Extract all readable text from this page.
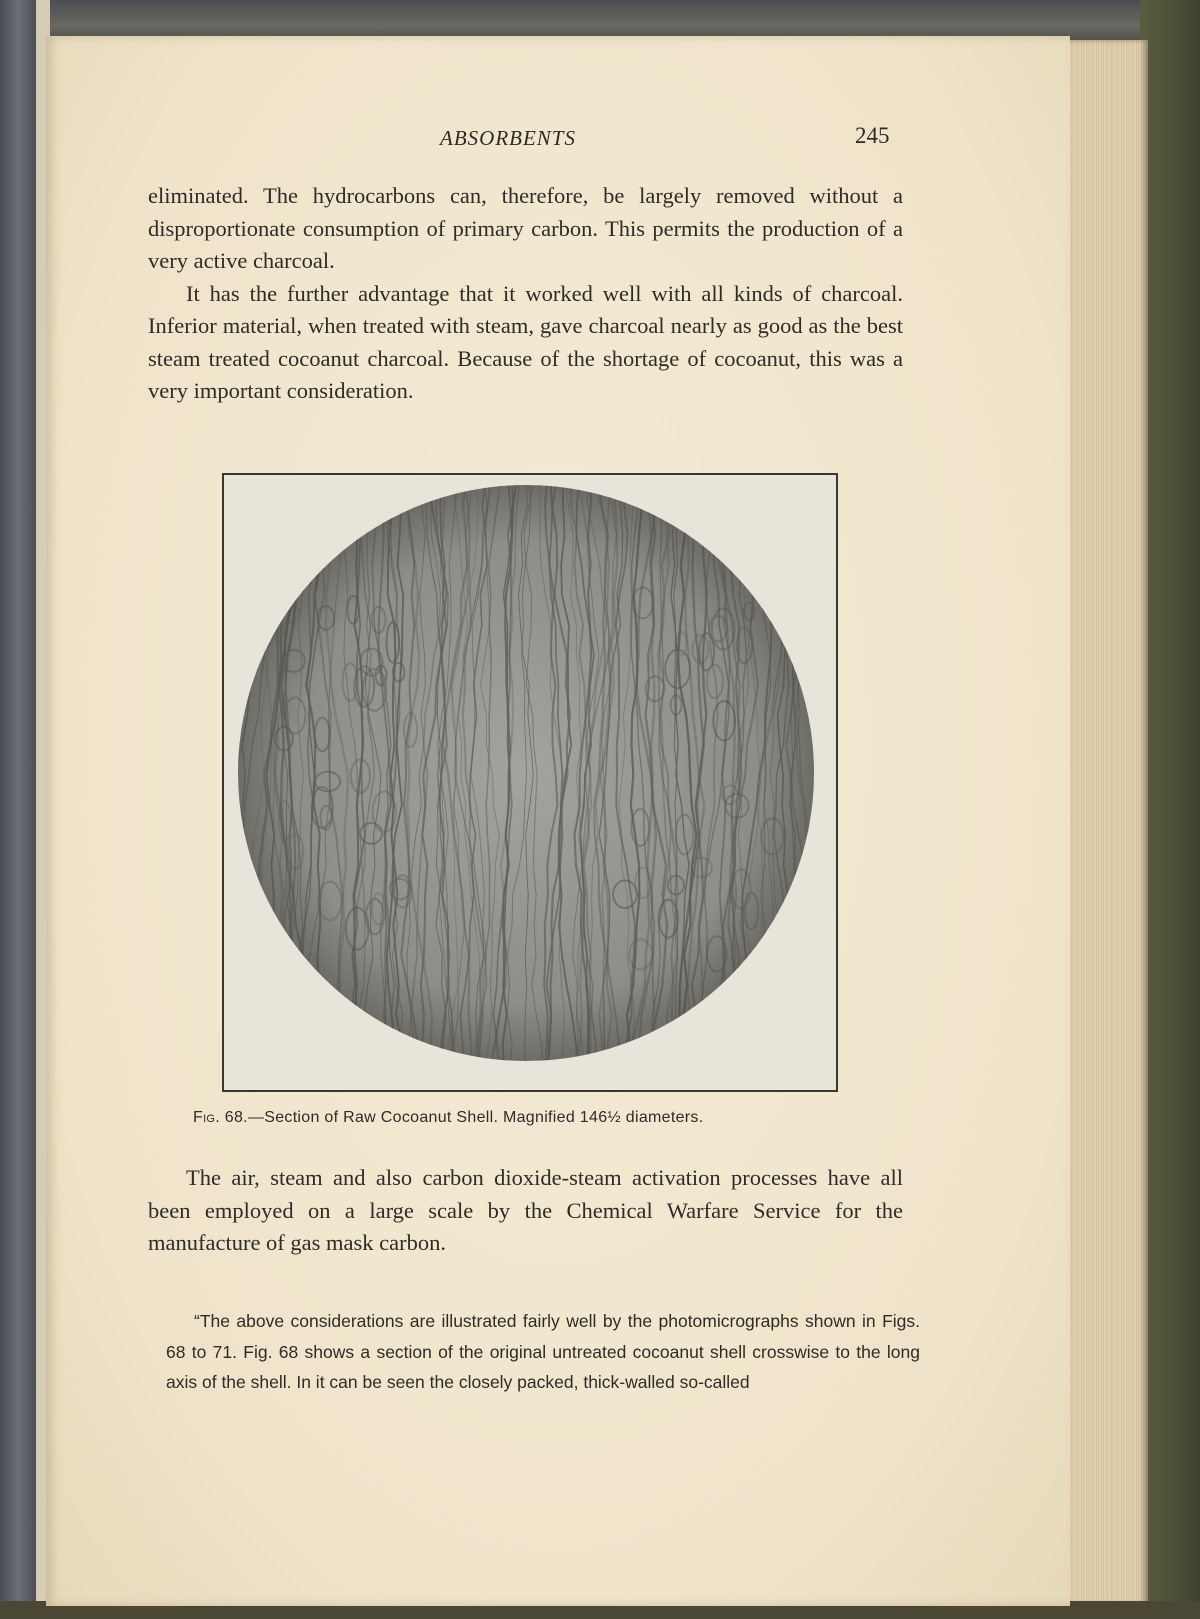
ABSORBENTS	245

eliminated. The hydrocarbons can, therefore, be largely removed without a disproportionate consumption of primary carbon. This permits the production of a very active charcoal.

It has the further advantage that it worked well with all kinds of charcoal. Inferior material, when treated with steam, gave charcoal nearly as good as the best steam treated cocoanut charcoal. Because of the shortage of cocoanut, this was a very important consideration.

Fig. 68.—Section of Raw Cocoanut Shell. Magnified 146½ diameters.

The air, steam and also carbon dioxide-steam activation processes have all been employed on a large scale by the Chemical Warfare Service for the manufacture of gas mask carbon.

“The above considerations are illustrated fairly well by the photomicrographs shown in Figs. 68 to 71. Fig. 68 shows a section of the original untreated cocoanut shell crosswise to the long axis of the shell. In it can be seen the closely packed, thick-walled so-called
